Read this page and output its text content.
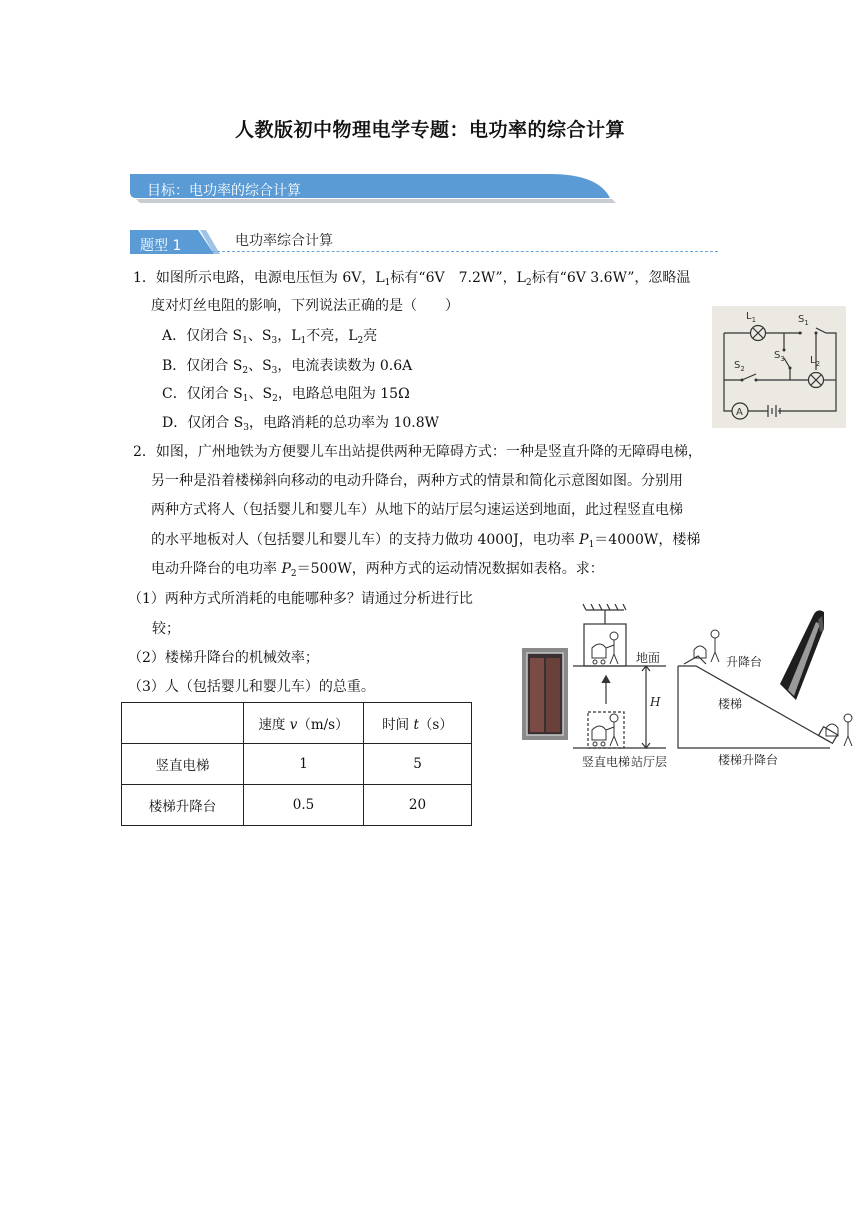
人教版初中物理电学专题：电功率的综合计算
目标：电功率的综合计算
题型 1	电功率综合计算
1．如图所示电路，电源电压恒为 6V，$L_1$标有“6V　7.2W”，$L_2$标有“6V 3.6W”，忽略温
度对灯丝电阻的影响，下列说法正确的是（　　）
A．仅闭合 $S_1$、$S_3$，$L_1$不亮，$L_2$亮
B．仅闭合 $S_2$、$S_3$，电流表读数为 0.6A
C．仅闭合 $S_1$、$S_2$，电路总电阻为 15Ω
D．仅闭合 $S_3$，电路消耗的总功率为 10.8W
A
$L_1$	$S_1$
$S_2$
$S_3$	$L_2$
2．如图，广州地铁为方便婴儿车出站提供两种无障碍方式：一种是竖直升降的无障碍电梯，
另一种是沿着楼梯斜向移动的电动升降台，两种方式的情景和简化示意图如图。分别用
两种方式将人（包括婴儿和婴儿车）从地下的站厅层匀速运送到地面，此过程竖直电梯
的水平地板对人（包括婴儿和婴儿车）的支持力做功 4000J，电功率 $P_1=4000W$，楼梯
电动升降台的电功率 $P_2=500W$，两种方式的运动情况数据如表格。求：
（1）两种方式所消耗的电能哪种多？请通过分析进行比
较；
（2）楼梯升降台的机械效率；
（3）人（包括婴儿和婴儿车）的总重。
	速度 v（m/s）	时间 t（s）
竖直电梯	1	5
楼梯升降台	0.5	20
地面
H
竖直电梯 站厅层
升降台
楼梯
楼梯升降台
